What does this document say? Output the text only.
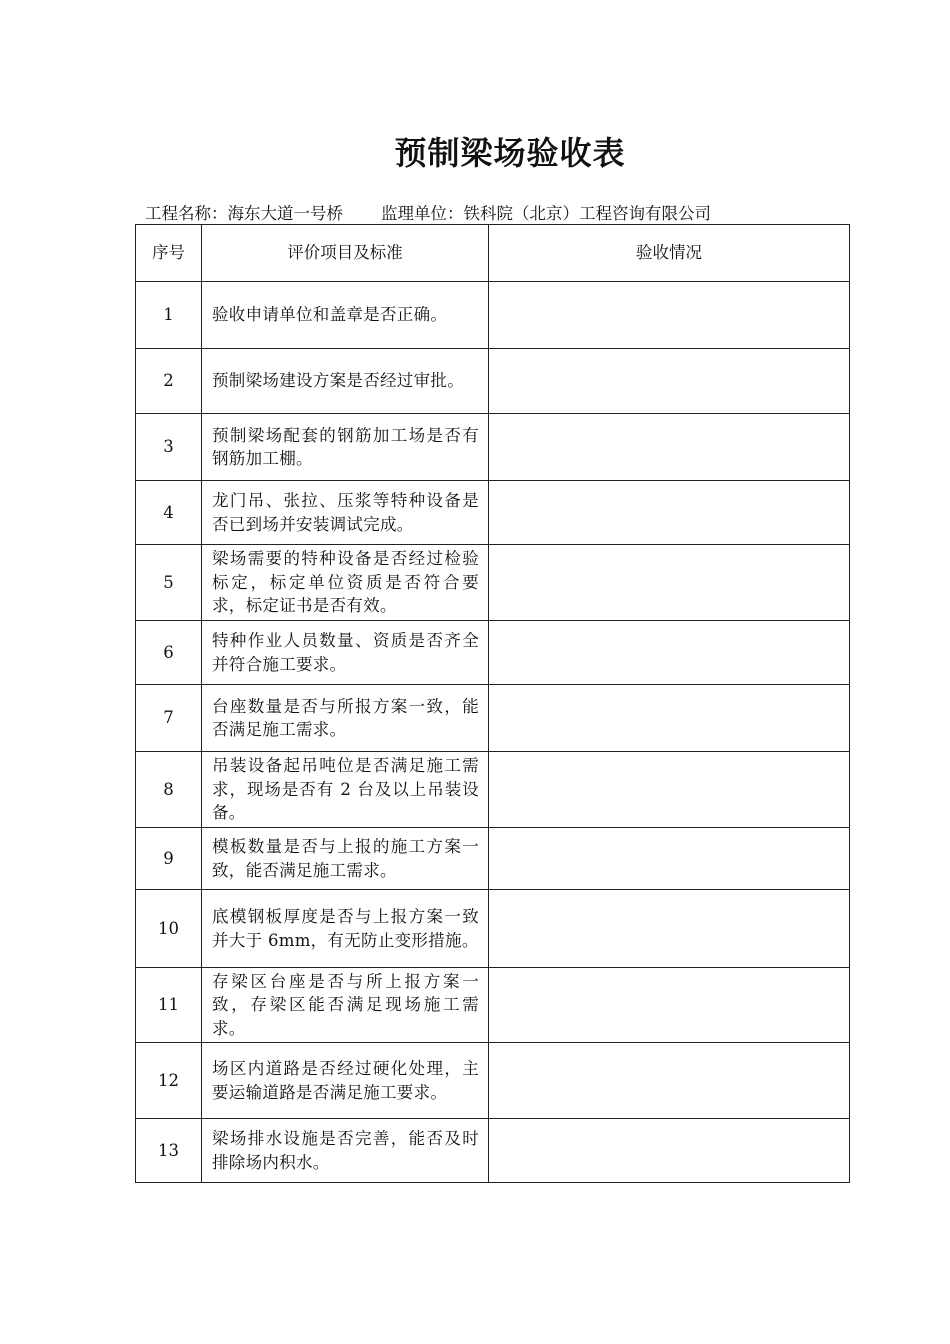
预制梁场验收表
工程名称：海东大道一号桥 监理单位：铁科院（北京）工程咨询有限公司
序号	评价项目及标准	验收情况
1	验收申请单位和盖章是否正确。	
2	预制梁场建设方案是否经过审批。	
3	预制梁场配套的钢筋加工场是否有钢筋加工棚。	
4	龙门吊、张拉、压浆等特种设备是否已到场并安装调试完成。	
5	梁场需要的特种设备是否经过检验标定，标定单位资质是否符合要求，标定证书是否有效。	
6	特种作业人员数量、资质是否齐全并符合施工要求。	
7	台座数量是否与所报方案一致，能否满足施工需求。	
8	吊装设备起吊吨位是否满足施工需求，现场是否有 2 台及以上吊装设备。	
9	模板数量是否与上报的施工方案一致，能否满足施工需求。	
10	底模钢板厚度是否与上报方案一致并大于 6mm，有无防止变形措施。	
11	存梁区台座是否与所上报方案一致，存梁区能否满足现场施工需求。	
12	场区内道路是否经过硬化处理，主要运输道路是否满足施工要求。	
13	梁场排水设施是否完善，能否及时排除场内积水。	
